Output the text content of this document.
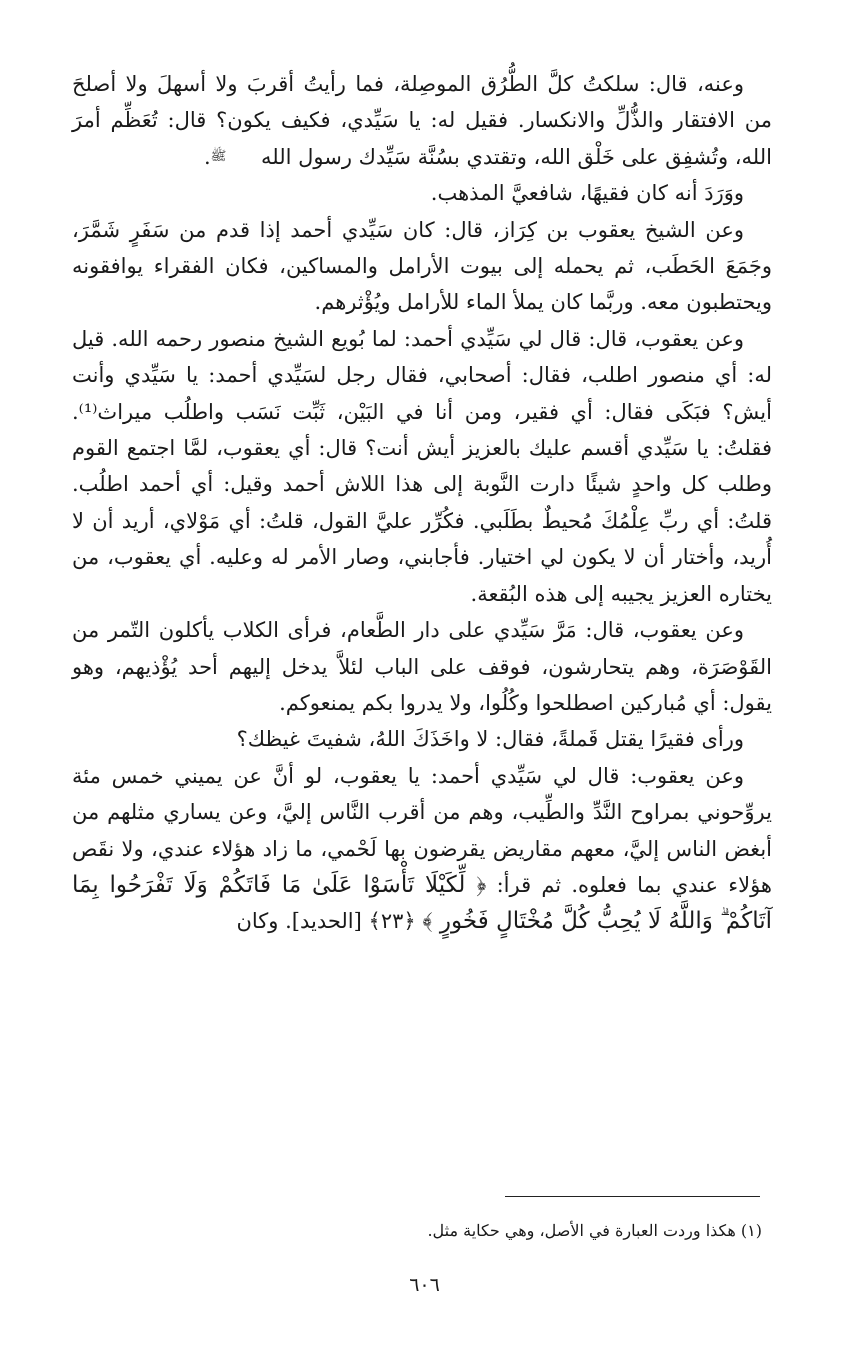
وعنه، قال: سلكتُ كلَّ الطُّرُق الموصِلة، فما رأيتُ أقربَ ولا أسهلَ ولا أصلحَ من الافتقار والذُّلِّ والانكسار. فقيل له: يا سَيِّدي، فكيف يكون؟ قال: تُعَظِّم أمرَ الله، وتُشفِق على خَلْق الله، وتقتدي بسُنَّة سَيِّدك رسول الله ﷺ.

ووَرَدَ أنه كان فقيهًا، شافعيَّ المذهب.

وعن الشيخ يعقوب بن كِرَاز، قال: كان سَيِّدي أحمد إذا قدم من سَفَرٍ شَمَّرَ، وجَمَعَ الحَطَب، ثم يحمله إلى بيوت الأرامل والمساكين، فكان الفقراء يوافقونه ويحتطبون معه. وربَّما كان يملأ الماء للأرامل ويُؤْثرهم.

وعن يعقوب، قال: قال لي سَيِّدي أحمد: لما بُويع الشيخ منصور رحمه الله. قيل له: أي منصور اطلب، فقال: أصحابي، فقال رجل لسَيِّدي أحمد: يا سَيِّدي وأنت أيش؟ فبَكَى فقال: أي فقير، ومن أنا في البَيْن، ثَبِّت نَسَب واطلُب ميراث⁽¹⁾. فقلتُ: يا سَيِّدي أقسم عليك بالعزيز أيش أنت؟ قال: أي يعقوب، لمَّا اجتمع القوم وطلب كل واحدٍ شيئًا دارت النَّوبة إلى هذا اللاش أحمد وقيل: أي أحمد اطلُب. قلتُ: أي ربِّ عِلْمُكَ مُحيطٌ بطَلَبي. فكُرِّر عليَّ القول، قلتُ: أي مَوْلاي، أريد أن لا أُريد، وأختار أن لا يكون لي اختيار. فأجابني، وصار الأمر له وعليه. أي يعقوب، من يختاره العزيز يجيبه إلى هذه البُقعة.

وعن يعقوب، قال: مَرَّ سَيِّدي على دار الطَّعام، فرأى الكلاب يأكلون التّمر من القَوْصَرَة، وهم يتحارشون، فوقف على الباب لئلاَّ يدخل إليهم أحد يُؤْذيهم، وهو يقول: أي مُباركين اصطلحوا وكُلُوا، ولا يدروا بكم يمنعوكم.

ورأى فقيرًا يقتل قَملةً، فقال: لا واخَذَكَ اللهُ، شفيتَ غيظك؟

وعن يعقوب: قال لي سَيِّدي أحمد: يا يعقوب، لو أنَّ عن يميني خمس مئة يروِّحوني بمراوح النَّدِّ والطِّيب، وهم من أقرب النَّاس إليَّ، وعن يساري مثلهم من أبغض الناس إليَّ، معهم مقاريض يقرضون بها لَحْمي، ما زاد هؤلاء عندي، ولا نقَص هؤلاء عندي بما فعلوه. ثم قرأ: ﴿ لِّكَيْلَا تَأْسَوْا عَلَىٰ مَا فَاتَكُمْ وَلَا تَفْرَحُوا بِمَا آتَاكُمْ ۗ وَاللَّهُ لَا يُحِبُّ كُلَّ مُخْتَالٍ فَخُورٍ ﴾ ﴿٢٣﴾ [الحديد]. وكان

(١) هكذا وردت العبارة في الأصل، وهي حكاية مثل.

٦٠٦
